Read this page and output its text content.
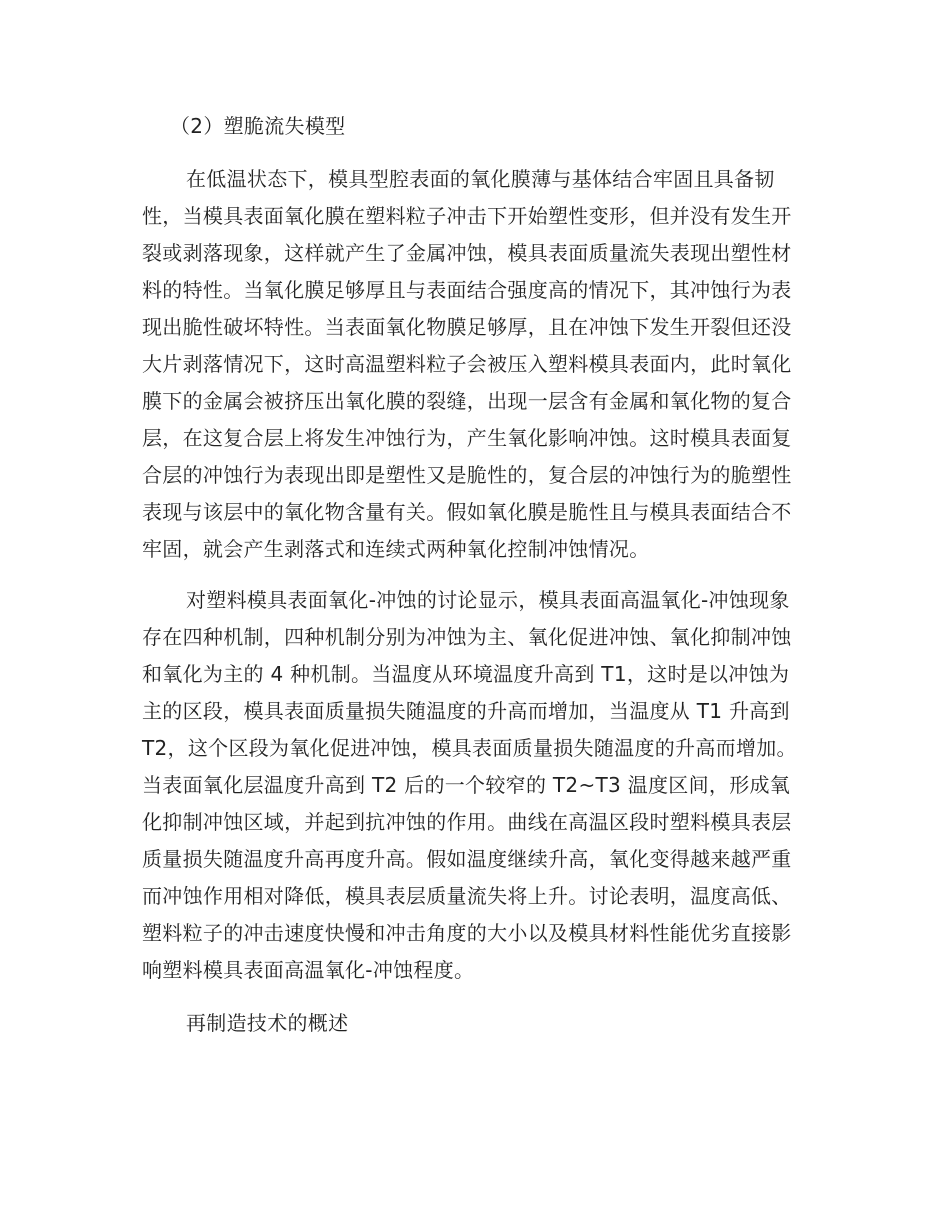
（2）塑脆流失模型

在低温状态下，模具型腔表面的氧化膜薄与基体结合牢固且具备韧性，当模具表面氧化膜在塑料粒子冲击下开始塑性变形，但并没有发生开裂或剥落现象，这样就产生了金属冲蚀，模具表面质量流失表现出塑性材料的特性。当氧化膜足够厚且与表面结合强度高的情况下，其冲蚀行为表现出脆性破坏特性。当表面氧化物膜足够厚，且在冲蚀下发生开裂但还没大片剥落情况下，这时高温塑料粒子会被压入塑料模具表面内，此时氧化膜下的金属会被挤压出氧化膜的裂缝，出现一层含有金属和氧化物的复合层，在这复合层上将发生冲蚀行为，产生氧化影响冲蚀。这时模具表面复合层的冲蚀行为表现出即是塑性又是脆性的，复合层的冲蚀行为的脆塑性表现与该层中的氧化物含量有关。假如氧化膜是脆性且与模具表面结合不牢固，就会产生剥落式和连续式两种氧化控制冲蚀情况。

对塑料模具表面氧化-冲蚀的讨论显示，模具表面高温氧化-冲蚀现象存在四种机制，四种机制分别为冲蚀为主、氧化促进冲蚀、氧化抑制冲蚀和氧化为主的 4 种机制。当温度从环境温度升高到 T1，这时是以冲蚀为主的区段，模具表面质量损失随温度的升高而增加，当温度从 T1 升高到 T2，这个区段为氧化促进冲蚀，模具表面质量损失随温度的升高而增加。当表面氧化层温度升高到 T2 后的一个较窄的 T2~T3 温度区间，形成氧化抑制冲蚀区域，并起到抗冲蚀的作用。曲线在高温区段时塑料模具表层质量损失随温度升高再度升高。假如温度继续升高，氧化变得越来越严重而冲蚀作用相对降低，模具表层质量流失将上升。讨论表明，温度高低、塑料粒子的冲击速度快慢和冲击角度的大小以及模具材料性能优劣直接影响塑料模具表面高温氧化-冲蚀程度。

再制造技术的概述
